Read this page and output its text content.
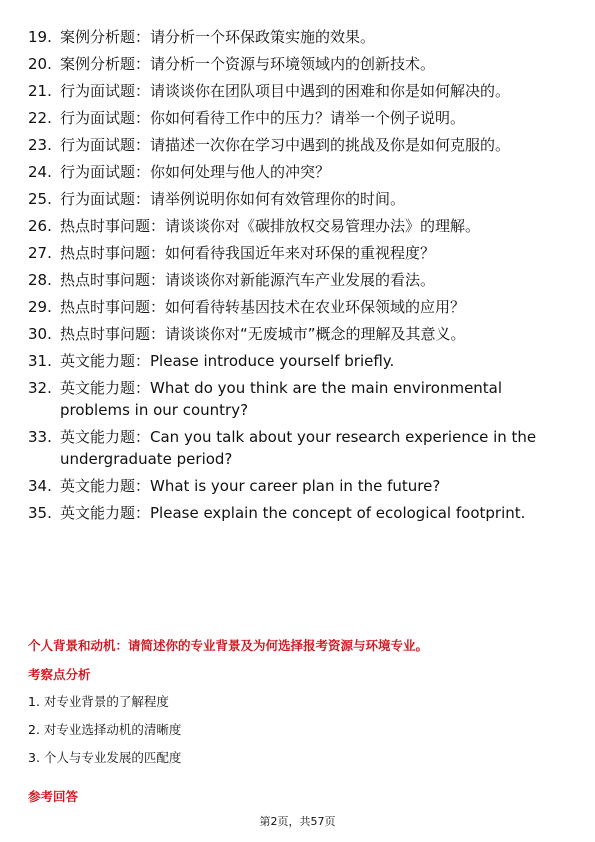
19. 案例分析题：请分析一个环保政策实施的效果。
20. 案例分析题：请分析一个资源与环境领域内的创新技术。
21. 行为面试题：请谈谈你在团队项目中遇到的困难和你是如何解决的。
22. 行为面试题：你如何看待工作中的压力？请举一个例子说明。
23. 行为面试题：请描述一次你在学习中遇到的挑战及你是如何克服的。
24. 行为面试题：你如何处理与他人的冲突？
25. 行为面试题：请举例说明你如何有效管理你的时间。
26. 热点时事问题：请谈谈你对《碳排放权交易管理办法》的理解。
27. 热点时事问题：如何看待我国近年来对环保的重视程度？
28. 热点时事问题：请谈谈你对新能源汽车产业发展的看法。
29. 热点时事问题：如何看待转基因技术在农业环保领域的应用？
30. 热点时事问题：请谈谈你对“无废城市”概念的理解及其意义。
31. 英文能力题：Please introduce yourself briefly.
32. 英文能力题：What do you think are the main environmental problems in our country?
33. 英文能力题：Can you talk about your research experience in the undergraduate period?
34. 英文能力题：What is your career plan in the future?
35. 英文能力题：Please explain the concept of ecological footprint.
个人背景和动机：请简述你的专业背景及为何选择报考资源与环境专业。
考察点分析
1. 对专业背景的了解程度
2. 对专业选择动机的清晰度
3. 个人与专业发展的匹配度
参考回答
第2页，共57页
